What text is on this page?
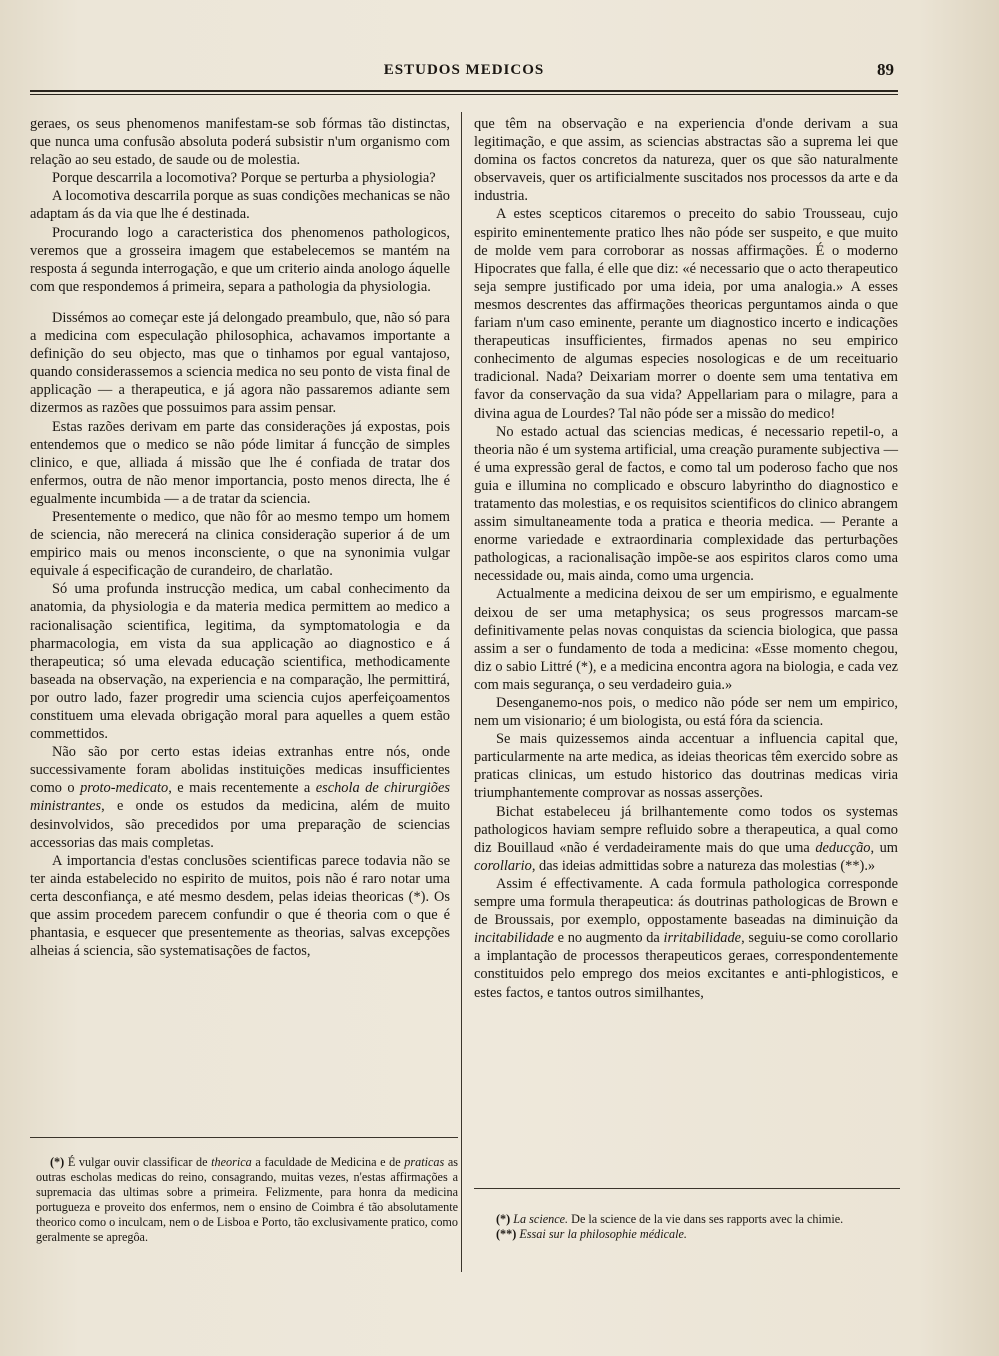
ESTUDOS MEDICOS	89

geraes, os seus phenomenos manifestam-se sob fórmas tão distinctas, que nunca uma confusão absoluta poderá subsistir n'um organismo com relação ao seu estado, de saude ou de molestia.

Porque descarrila a locomotiva? Porque se perturba a physiologia?

A locomotiva descarrila porque as suas condições mechanicas se não adaptam ás da via que lhe é destinada.

Procurando logo a caracteristica dos phenomenos pathologicos, veremos que a grosseira imagem que estabelecemos se mantém na resposta á segunda interrogação, e que um criterio ainda anologo áquelle com que respondemos á primeira, separa a pathologia da physiologia.

Dissémos ao começar este já delongado preambulo, que, não só para a medicina com especulação philosophica, achavamos importante a definição do seu objecto, mas que o tinhamos por egual vantajoso, quando considerassemos a sciencia medica no seu ponto de vista final de applicação — a therapeutica, e já agora não passaremos adiante sem dizermos as razões que possuimos para assim pensar.

Estas razões derivam em parte das considerações já expostas, pois entendemos que o medico se não póde limitar á funcção de simples clinico, e que, alliada á missão que lhe é confiada de tratar dos enfermos, outra de não menor importancia, posto menos directa, lhe é egualmente incumbida — a de tratar da sciencia.

Presentemente o medico, que não fôr ao mesmo tempo um homem de sciencia, não merecerá na clinica consideração superior á de um empirico mais ou menos inconsciente, o que na synonimia vulgar equivale á especificação de curandeiro, de charlatão.

Só uma profunda instrucção medica, um cabal conhecimento da anatomia, da physiologia e da materia medica permittem ao medico a racionalisação scientifica, legitima, da symptomatologia e da pharmacologia, em vista da sua applicação ao diagnostico e á therapeutica; só uma elevada educação scientifica, methodicamente baseada na observação, na experiencia e na comparação, lhe permittirá, por outro lado, fazer progredir uma sciencia cujos aperfeiçoamentos constituem uma elevada obrigação moral para aquelles a quem estão commettidos.

Não são por certo estas ideias extranhas entre nós, onde successivamente foram abolidas instituições medicas insufficientes como o proto-medicato, e mais recentemente a eschola de chirurgiões ministrantes, e onde os estudos da medicina, além de muito desinvolvidos, são precedidos por uma preparação de sciencias accessorias das mais completas.

A importancia d'estas conclusões scientificas parece todavia não se ter ainda estabelecido no espirito de muitos, pois não é raro notar uma certa desconfiança, e até mesmo desdem, pelas ideias theoricas (*). Os que assim procedem parecem confundir o que é theoria com o que é phantasia, e esquecer que presentemente as theorias, salvas excepções alheias á sciencia, são systematisações de factos,

(*) É vulgar ouvir classificar de theorica a faculdade de Medicina e de praticas as outras escholas medicas do reino, consagrando, muitas vezes, n'estas affirmações a supremacia das ultimas sobre a primeira. Felizmente, para honra da medicina portugueza e proveito dos enfermos, nem o ensino de Coimbra é tão absolutamente theorico como o inculcam, nem o de Lisboa e Porto, tão exclusivamente pratico, como geralmente se apregôa.

que têm na observação e na experiencia d'onde derivam a sua legitimação, e que assim, as sciencias abstractas são a suprema lei que domina os factos concretos da natureza, quer os que são naturalmente observaveis, quer os artificialmente suscitados nos processos da arte e da industria.

A estes scepticos citaremos o preceito do sabio Trousseau, cujo espirito eminentemente pratico lhes não póde ser suspeito, e que muito de molde vem para corroborar as nossas affirmações. É o moderno Hipocrates que falla, é elle que diz: «é necessario que o acto therapeutico seja sempre justificado por uma ideia, por uma analogia.» A esses mesmos descrentes das affirmações theoricas perguntamos ainda o que fariam n'um caso eminente, perante um diagnostico incerto e indicações therapeuticas insufficientes, firmados apenas no seu empirico conhecimento de algumas especies nosologicas e de um receituario tradicional. Nada? Deixariam morrer o doente sem uma tentativa em favor da conservação da sua vida? Appellariam para o milagre, para a divina agua de Lourdes? Tal não póde ser a missão do medico!

No estado actual das sciencias medicas, é necessario repetil-o, a theoria não é um systema artificial, uma creação puramente subjectiva — é uma expressão geral de factos, e como tal um poderoso facho que nos guia e illumina no complicado e obscuro labyrintho do diagnostico e tratamento das molestias, e os requisitos scientificos do clinico abrangem assim simultaneamente toda a pratica e theoria medica. — Perante a enorme variedade e extraordinaria complexidade das perturbações pathologicas, a racionalisação impõe-se aos espiritos claros como uma necessidade ou, mais ainda, como uma urgencia.

Actualmente a medicina deixou de ser um empirismo, e egualmente deixou de ser uma metaphysica; os seus progressos marcam-se definitivamente pelas novas conquistas da sciencia biologica, que passa assim a ser o fundamento de toda a medicina: «Esse momento chegou, diz o sabio Littré (*), e a medicina encontra agora na biologia, e cada vez com mais segurança, o seu verdadeiro guia.»

Desenganemo-nos pois, o medico não póde ser nem um empirico, nem um visionario; é um biologista, ou está fóra da sciencia.

Se mais quizessemos ainda accentuar a influencia capital que, particularmente na arte medica, as ideias theoricas têm exercido sobre as praticas clinicas, um estudo historico das doutrinas medicas viria triumphantemente comprovar as nossas asserções.

Bichat estabeleceu já brilhantemente como todos os systemas pathologicos haviam sempre refluido sobre a therapeutica, a qual como diz Bouillaud «não é verdadeiramente mais do que uma deducção, um corollario, das ideias admittidas sobre a natureza das molestias (**).»

Assim é effectivamente. A cada formula pathologica corresponde sempre uma formula therapeutica: ás doutrinas pathologicas de Brown e de Broussais, por exemplo, oppostamente baseadas na diminuição da incitabilidade e no augmento da irritabilidade, seguiu-se como corollario a implantação de processos therapeuticos geraes, correspondentemente constituidos pelo emprego dos meios excitantes e anti-phlogisticos, e estes factos, e tantos outros similhantes,

(*) La science. De la science de la vie dans ses rapports avec la chimie.

(**) Essai sur la philosophie médicale.
